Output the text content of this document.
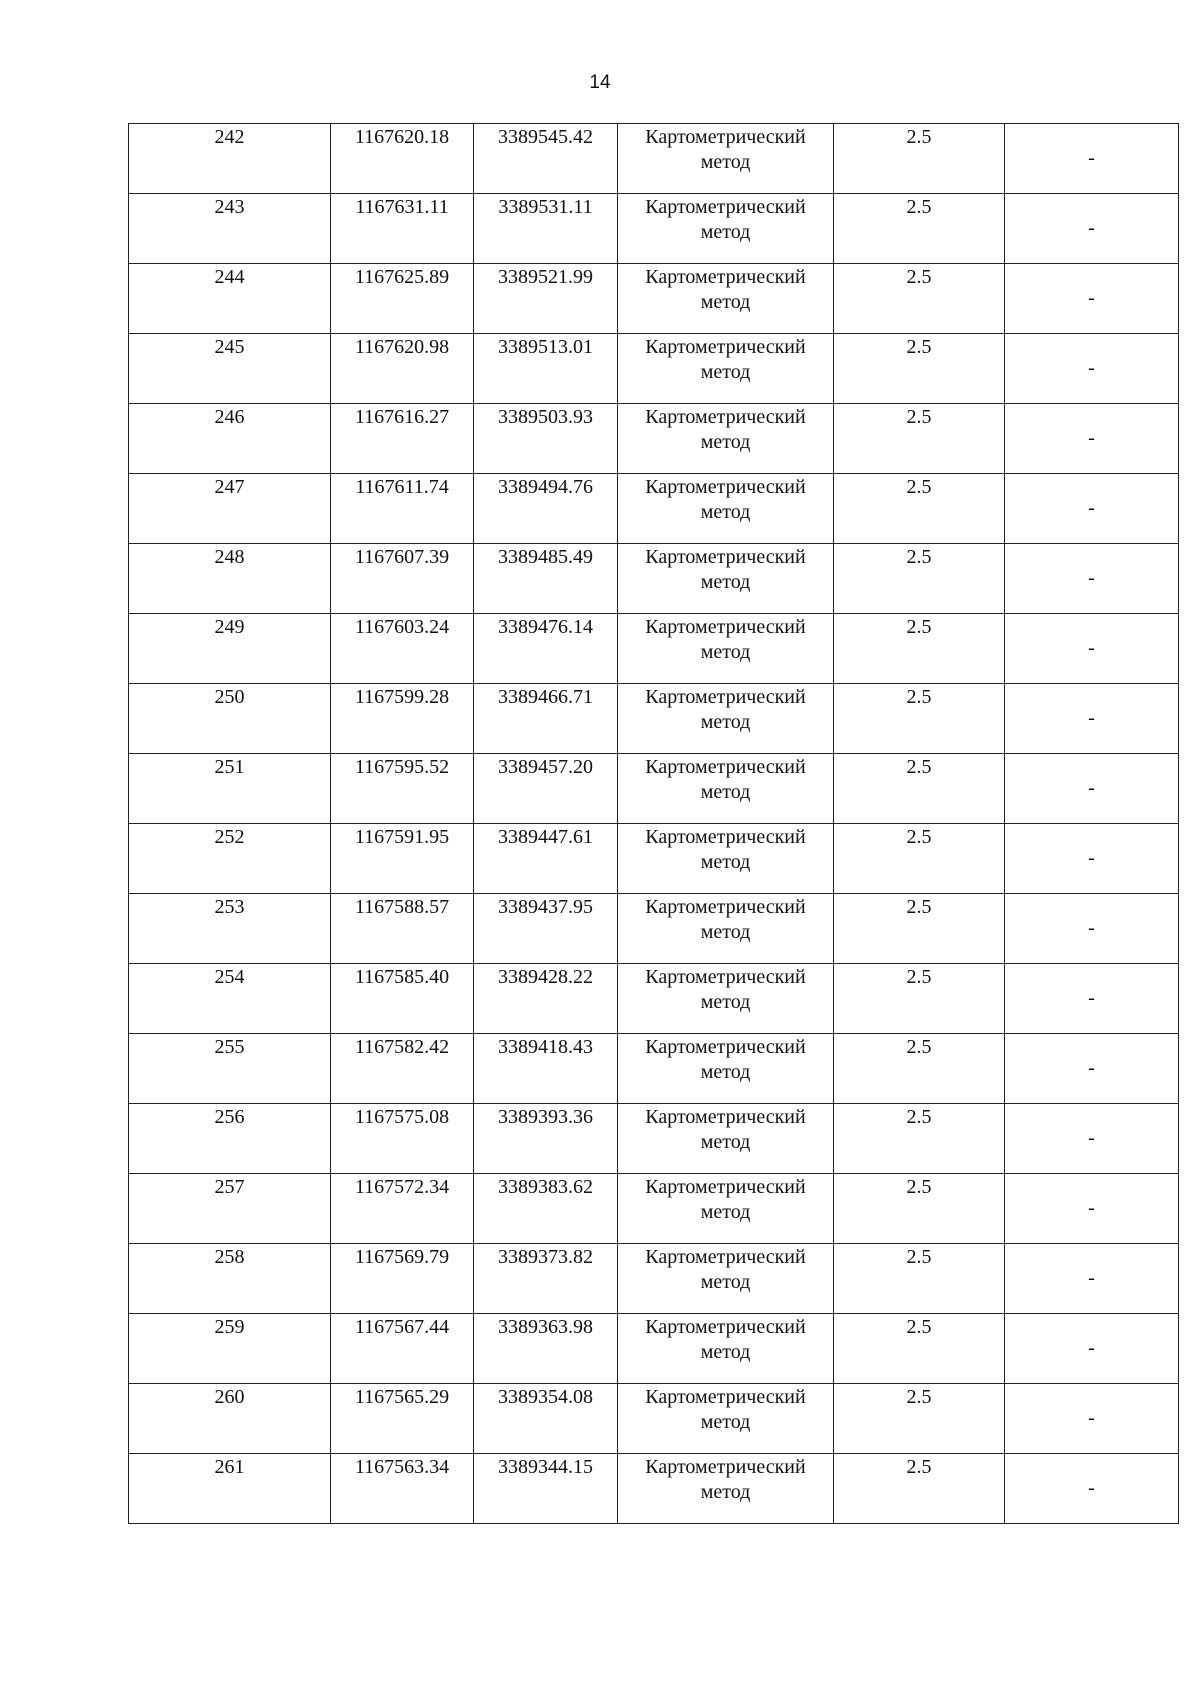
14
242	1167620.18	3389545.42	Картометрический метод	2.5	-

243	1167631.11	3389531.11	Картометрический метод	2.5	-

244	1167625.89	3389521.99	Картометрический метод	2.5	-

245	1167620.98	3389513.01	Картометрический метод	2.5	-

246	1167616.27	3389503.93	Картометрический метод	2.5	-

247	1167611.74	3389494.76	Картометрический метод	2.5	-

248	1167607.39	3389485.49	Картометрический метод	2.5	-

249	1167603.24	3389476.14	Картометрический метод	2.5	-

250	1167599.28	3389466.71	Картометрический метод	2.5	-

251	1167595.52	3389457.20	Картометрический метод	2.5	-

252	1167591.95	3389447.61	Картометрический метод	2.5	-

253	1167588.57	3389437.95	Картометрический метод	2.5	-

254	1167585.40	3389428.22	Картометрический метод	2.5	-

255	1167582.42	3389418.43	Картометрический метод	2.5	-

256	1167575.08	3389393.36	Картометрический метод	2.5	-

257	1167572.34	3389383.62	Картометрический метод	2.5	-

258	1167569.79	3389373.82	Картометрический метод	2.5	-

259	1167567.44	3389363.98	Картометрический метод	2.5	-

260	1167565.29	3389354.08	Картометрический метод	2.5	-

261	1167563.34	3389344.15	Картометрический метод	2.5	-
